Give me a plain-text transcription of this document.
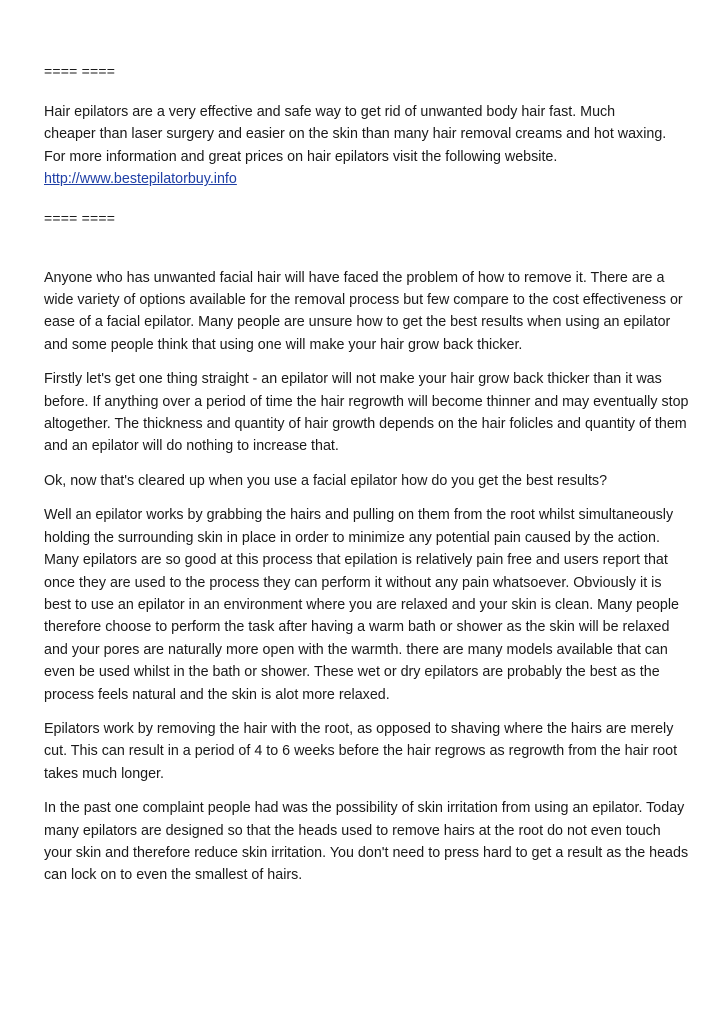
==== ====

Hair epilators are a very effective and safe way to get rid of unwanted body hair fast. Much

cheaper than laser surgery and easier on the skin than many hair removal creams and hot waxing.

For more information and great prices on hair epilators visit the following website.

http://www.bestepilatorbuy.info

==== ====

Anyone who has unwanted facial hair will have faced the problem of how to remove it. There are a wide variety of options available for the removal process but few compare to the cost effectiveness or ease of a facial epilator. Many people are unsure how to get the best results when using an epilator and some people think that using one will make your hair grow back thicker.

Firstly let's get one thing straight - an epilator will not make your hair grow back thicker than it was before. If anything over a period of time the hair regrowth will become thinner and may eventually stop altogether. The thickness and quantity of hair growth depends on the hair folicles and quantity of them and an epilator will do nothing to increase that.

Ok, now that's cleared up when you use a facial epilator how do you get the best results?

Well an epilator works by grabbing the hairs and pulling on them from the root whilst simultaneously holding the surrounding skin in place in order to minimize any potential pain caused by the action. Many epilators are so good at this process that epilation is relatively pain free and users report that once they are used to the process they can perform it without any pain whatsoever. Obviously it is best to use an epilator in an environment where you are relaxed and your skin is clean. Many people therefore choose to perform the task after having a warm bath or shower as the skin will be relaxed and your pores are naturally more open with the warmth. there are many models available that can even be used whilst in the bath or shower. These wet or dry epilators are probably the best as the process feels natural and the skin is alot more relaxed.

Epilators work by removing the hair with the root, as opposed to shaving where the hairs are merely cut. This can result in a period of 4 to 6 weeks before the hair regrows as regrowth from the hair root takes much longer.

In the past one complaint people had was the possibility of skin irritation from using an epilator. Today many epilators are designed so that the heads used to remove hairs at the root do not even touch your skin and therefore reduce skin irritation. You don't need to press hard to get a result as the heads can lock on to even the smallest of hairs.
